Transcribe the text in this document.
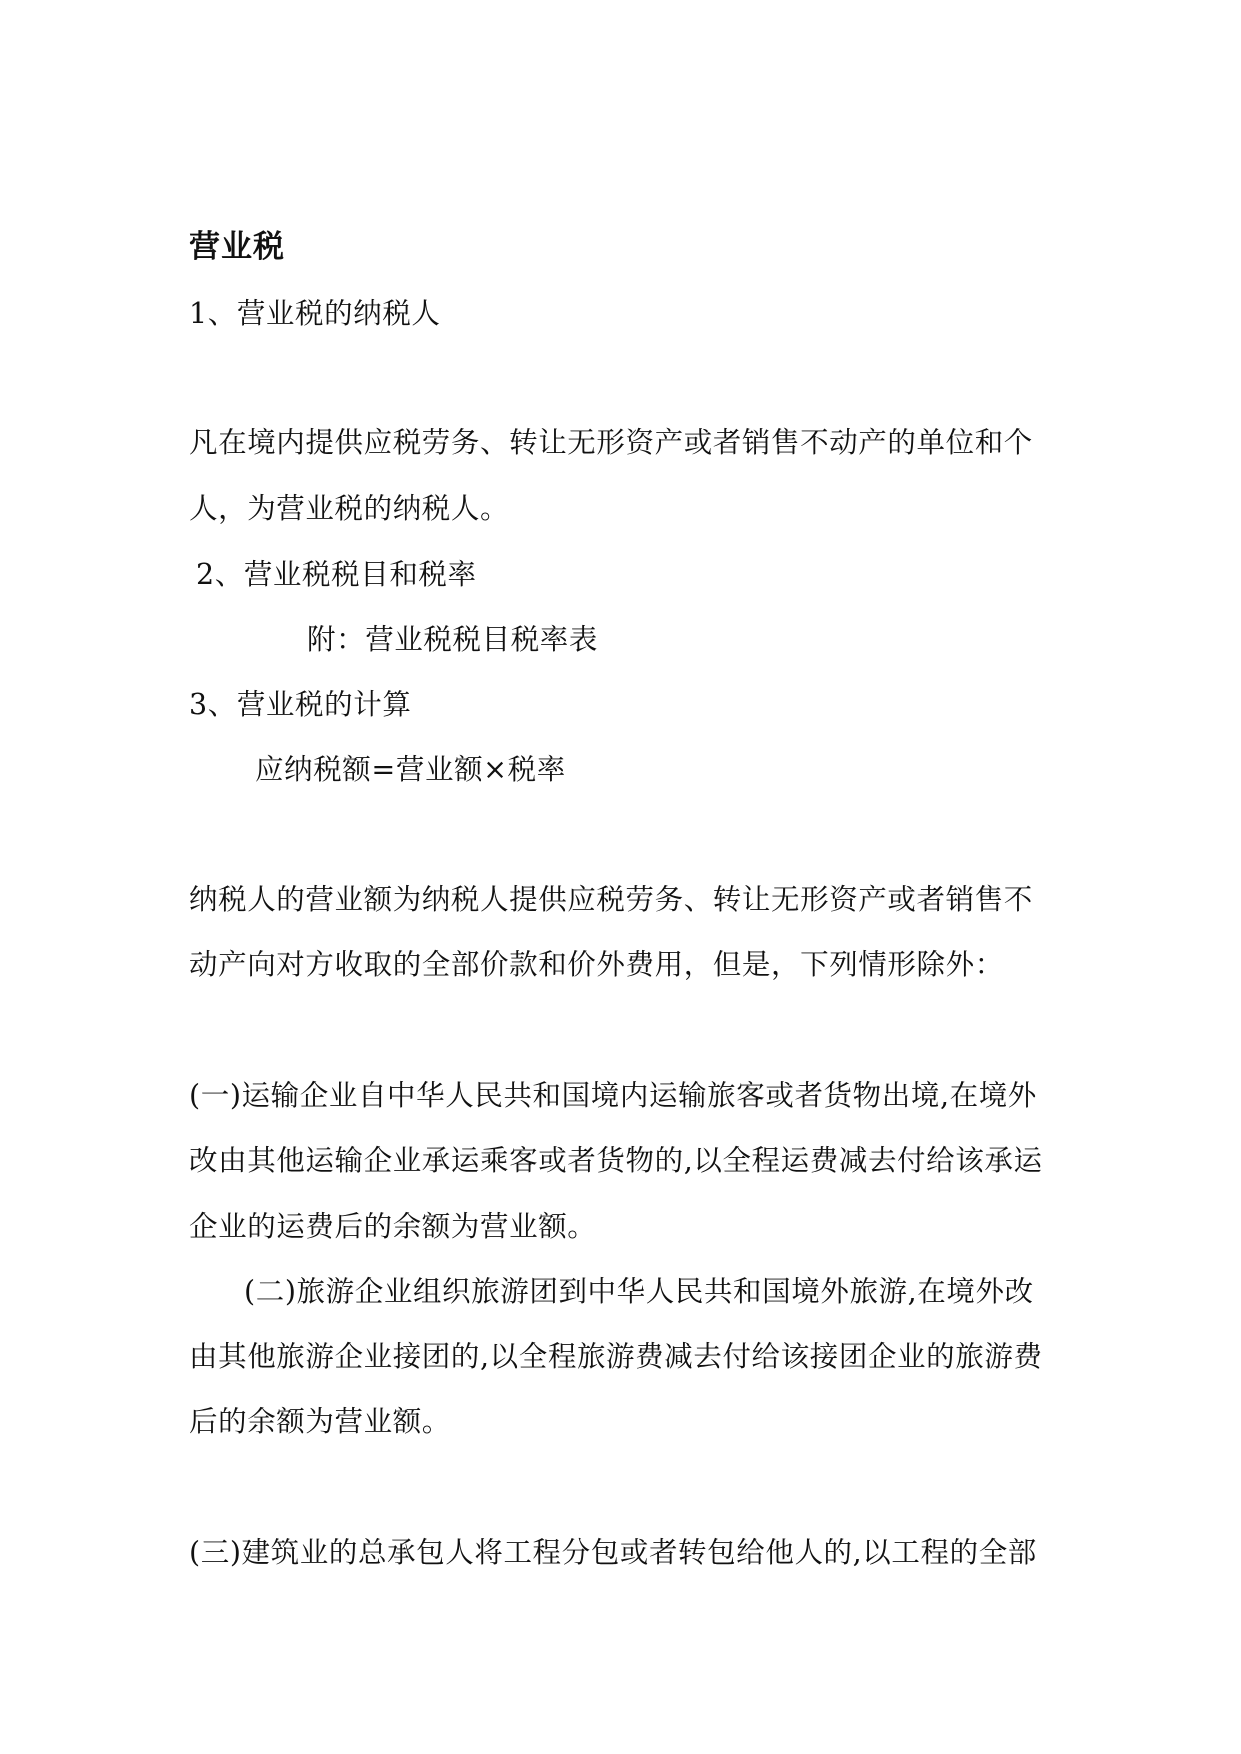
营业税

1、营业税的纳税人

凡在境内提供应税劳务、转让无形资产或者销售不动产的单位和个

人，为营业税的纳税人。

2、营业税税目和税率

附：营业税税目税率表

3、营业税的计算

应纳税额=营业额×税率

纳税人的营业额为纳税人提供应税劳务、转让无形资产或者销售不

动产向对方收取的全部价款和价外费用，但是，下列情形除外：

(一)运输企业自中华人民共和国境内运输旅客或者货物出境,在境外

改由其他运输企业承运乘客或者货物的,以全程运费减去付给该承运

企业的运费后的余额为营业额。

(二)旅游企业组织旅游团到中华人民共和国境外旅游,在境外改

由其他旅游企业接团的,以全程旅游费减去付给该接团企业的旅游费

后的余额为营业额。

(三)建筑业的总承包人将工程分包或者转包给他人的,以工程的全部
